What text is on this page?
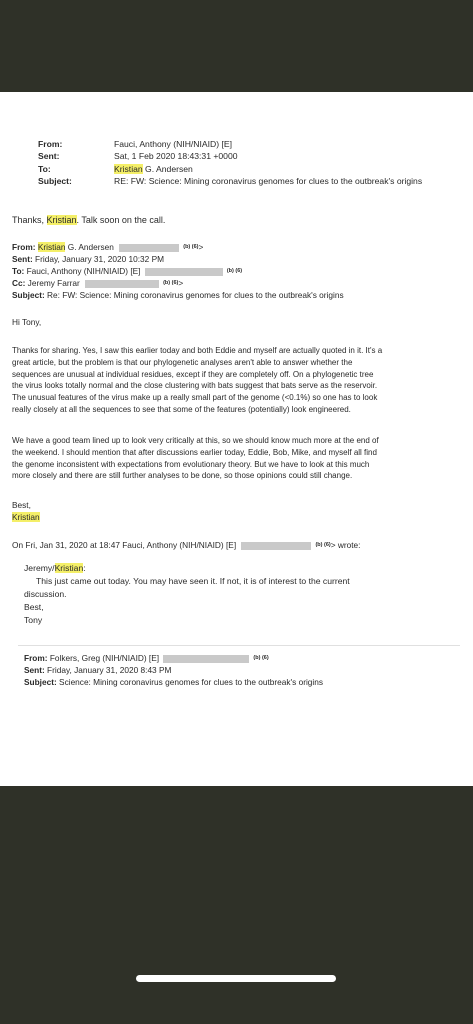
From:	Fauci, Anthony (NIH/NIAID) [E]
Sent:	Sat, 1 Feb 2020 18:43:31 +0000
To:	Kristian G. Andersen
Subject:	RE: FW: Science: Mining coronavirus genomes for clues to the outbreak's origins
Thanks, Kristian. Talk soon on the call.
From: Kristian G. Andersen	(b) (6)>
Sent: Friday, January 31, 2020 10:32 PM
To: Fauci, Anthony (NIH/NIAID) [E]	(b) (6)
Cc: Jeremy Farrar	(b) (6)>
Subject: Re: FW: Science: Mining coronavirus genomes for clues to the outbreak's origins
Hi Tony,
Thanks for sharing. Yes, I saw this earlier today and both Eddie and myself are actually quoted in it. It's a
great article, but the problem is that our phylogenetic analyses aren't able to answer whether the
sequences are unusual at individual residues, except if they are completely off. On a phylogenetic tree
the virus looks totally normal and the close clustering with bats suggest that bats serve as the reservoir.
The unusual features of the virus make up a really small part of the genome (<0.1%) so one has to look
really closely at all the sequences to see that some of the features (potentially) look engineered.
We have a good team lined up to look very critically at this, so we should know much more at the end of
the weekend. I should mention that after discussions earlier today, Eddie, Bob, Mike, and myself all find
the genome inconsistent with expectations from evolutionary theory. But we have to look at this much
more closely and there are still further analyses to be done, so those opinions could still change.
Best,
Kristian
On Fri, Jan 31, 2020 at 18:47 Fauci, Anthony (NIH/NIAID) [E]	(b) (6)> wrote:
Jeremy/Kristian:
This just came out today. You may have seen it. If not, it is of interest to the current
discussion.
Best,
Tony
From: Folkers, Greg (NIH/NIAID) [E]	(b) (6)
Sent: Friday, January 31, 2020 8:43 PM
Subject: Science: Mining coronavirus genomes for clues to the outbreak's origins
